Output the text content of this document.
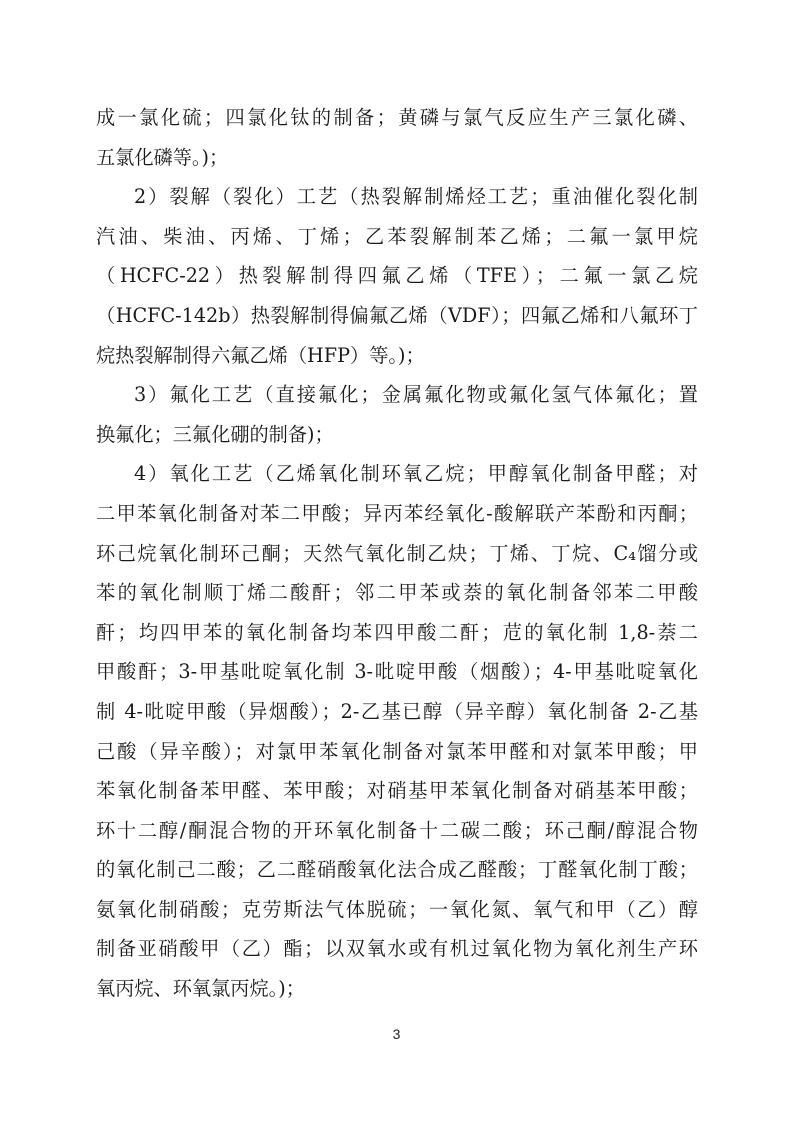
成一氯化硫；四氯化钛的制备；黄磷与氯气反应生产三氯化磷、
五氯化磷等。)；
2）裂解（裂化）工艺（热裂解制烯烃工艺；重油催化裂化制
汽油、柴油、丙烯、丁烯；乙苯裂解制苯乙烯；二氟一氯甲烷
（HCFC-22）热裂解制得四氟乙烯（TFE）；二氟一氯乙烷
（HCFC-142b）热裂解制得偏氟乙烯（VDF）；四氟乙烯和八氟环丁
烷热裂解制得六氟乙烯（HFP）等。)；
3）氟化工艺（直接氟化；金属氟化物或氟化氢气体氟化；置
换氟化；三氟化硼的制备)；
4）氧化工艺（乙烯氧化制环氧乙烷；甲醇氧化制备甲醛；对
二甲苯氧化制备对苯二甲酸；异丙苯经氧化-酸解联产苯酚和丙酮；
环己烷氧化制环己酮；天然气氧化制乙炔；丁烯、丁烷、C₄馏分或
苯的氧化制顺丁烯二酸酐；邻二甲苯或萘的氧化制备邻苯二甲酸
酐；均四甲苯的氧化制备均苯四甲酸二酐；苊的氧化制 1,8-萘二
甲酸酐；3-甲基吡啶氧化制 3-吡啶甲酸（烟酸）；4-甲基吡啶氧化
制 4-吡啶甲酸（异烟酸）；2-乙基已醇（异辛醇）氧化制备 2-乙基
己酸（异辛酸）；对氯甲苯氧化制备对氯苯甲醛和对氯苯甲酸；甲
苯氧化制备苯甲醛、苯甲酸；对硝基甲苯氧化制备对硝基苯甲酸；
环十二醇/酮混合物的开环氧化制备十二碳二酸；环己酮/醇混合物
的氧化制己二酸；乙二醛硝酸氧化法合成乙醛酸；丁醛氧化制丁酸；
氨氧化制硝酸；克劳斯法气体脱硫；一氧化氮、氧气和甲（乙）醇
制备亚硝酸甲（乙）酯；以双氧水或有机过氧化物为氧化剂生产环
氧丙烷、环氧氯丙烷。)；
3
